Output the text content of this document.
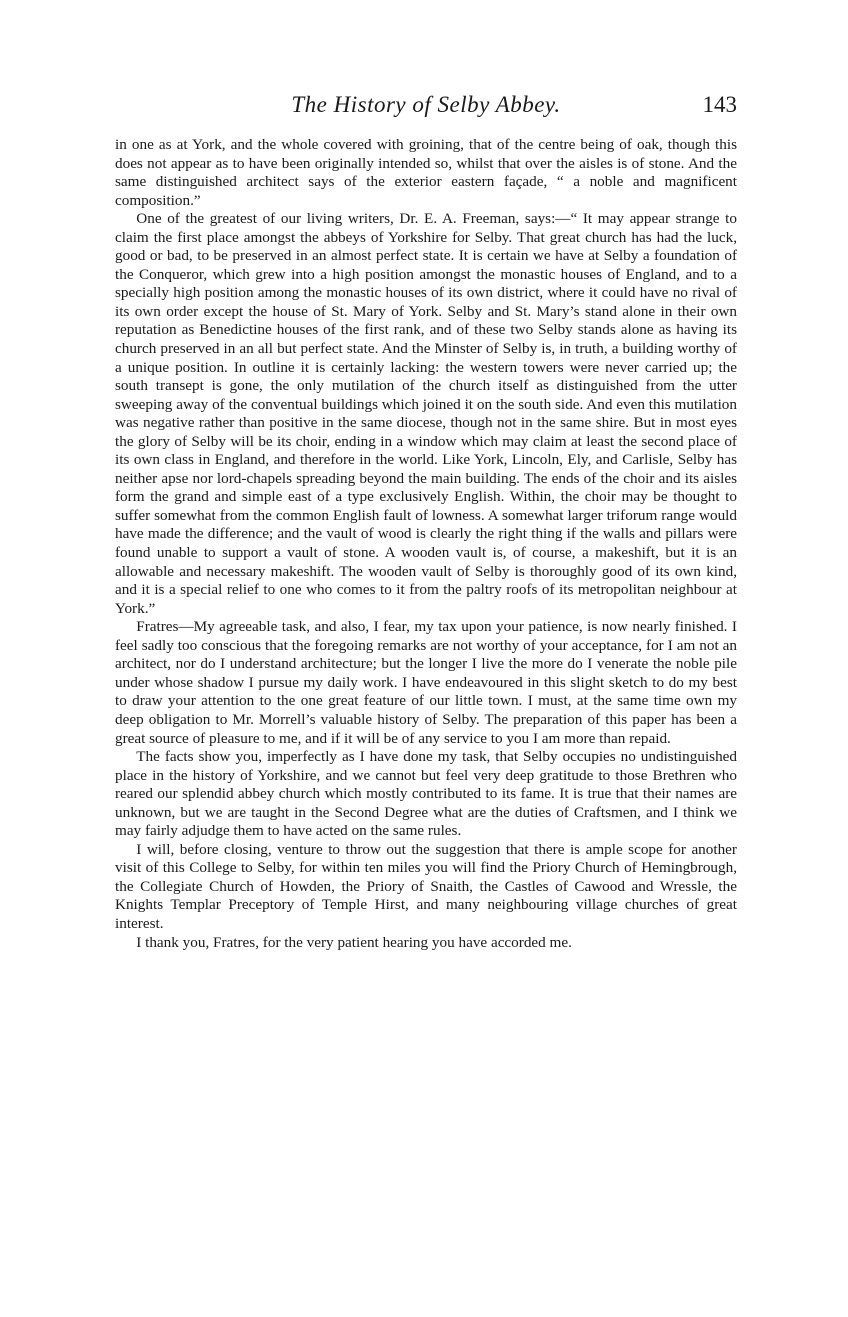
The History of Selby Abbey.	143

in one as at York, and the whole covered with groining, that of the centre being of oak, though this does not appear as to have been originally intended so, whilst that over the aisles is of stone. And the same distinguished architect says of the exterior eastern façade, “ a noble and magnificent composition.”

One of the greatest of our living writers, Dr. E. A. Freeman, says:—“ It may appear strange to claim the first place amongst the abbeys of Yorkshire for Selby. That great church has had the luck, good or bad, to be preserved in an almost perfect state. It is certain we have at Selby a foundation of the Conqueror, which grew into a high position amongst the monastic houses of England, and to a specially high position among the monastic houses of its own district, where it could have no rival of its own order except the house of St. Mary of York. Selby and St. Mary’s stand alone in their own reputation as Benedictine houses of the first rank, and of these two Selby stands alone as having its church preserved in an all but perfect state. And the Minster of Selby is, in truth, a building worthy of a unique position. In outline it is certainly lacking: the western towers were never carried up; the south transept is gone, the only mutilation of the church itself as distinguished from the utter sweeping away of the conventual buildings which joined it on the south side. And even this mutilation was negative rather than positive in the same diocese, though not in the same shire. But in most eyes the glory of Selby will be its choir, ending in a window which may claim at least the second place of its own class in England, and therefore in the world. Like York, Lincoln, Ely, and Carlisle, Selby has neither apse nor lord-chapels spreading beyond the main building. The ends of the choir and its aisles form the grand and simple east of a type exclusively English. Within, the choir may be thought to suffer somewhat from the common English fault of lowness. A somewhat larger triforum range would have made the difference; and the vault of wood is clearly the right thing if the walls and pillars were found unable to support a vault of stone. A wooden vault is, of course, a makeshift, but it is an allowable and necessary makeshift. The wooden vault of Selby is thoroughly good of its own kind, and it is a special relief to one who comes to it from the paltry roofs of its metropolitan neighbour at York.”

Fratres—My agreeable task, and also, I fear, my tax upon your patience, is now nearly finished. I feel sadly too conscious that the foregoing remarks are not worthy of your acceptance, for I am not an architect, nor do I understand architecture; but the longer I live the more do I venerate the noble pile under whose shadow I pursue my daily work. I have endeavoured in this slight sketch to do my best to draw your attention to the one great feature of our little town. I must, at the same time own my deep obligation to Mr. Morrell’s valuable history of Selby. The preparation of this paper has been a great source of pleasure to me, and if it will be of any service to you I am more than repaid.

The facts show you, imperfectly as I have done my task, that Selby occupies no undistinguished place in the history of Yorkshire, and we cannot but feel very deep gratitude to those Brethren who reared our splendid abbey church which mostly contributed to its fame. It is true that their names are unknown, but we are taught in the Second Degree what are the duties of Craftsmen, and I think we may fairly adjudge them to have acted on the same rules.

I will, before closing, venture to throw out the suggestion that there is ample scope for another visit of this College to Selby, for within ten miles you will find the Priory Church of Hemingbrough, the Collegiate Church of Howden, the Priory of Snaith, the Castles of Cawood and Wressle, the Knights Templar Preceptory of Temple Hirst, and many neighbouring village churches of great interest.

I thank you, Fratres, for the very patient hearing you have accorded me.
